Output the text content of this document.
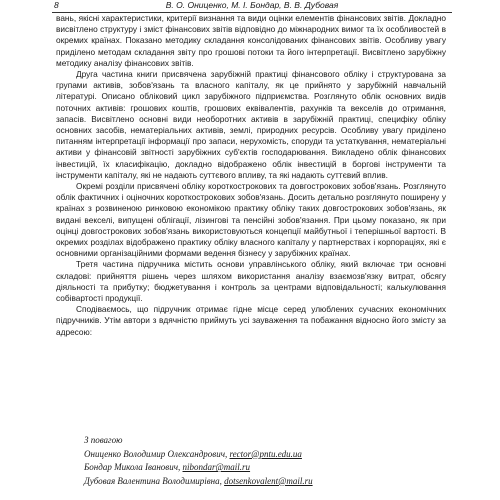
8	В. О. Ониценко, М. І. Бондар, В. В. Дубовая

вань, якісні характеристики, критерії визнання та види оцінки елементів фінансових звітів. Докладно висвітлено структуру і зміст фінансових звітів відповідно до міжнародних вимог та їх особливостей в окремих країнах. Показано методику складання консолідованих фінансових звітів. Особливу увагу приділено методам складання звіту про грошові потоки та його інтерпретації. Висвітлено зарубіжну методику аналізу фінансових звітів.

Друга частина книги присвячена зарубіжній практиці фінансового обліку і структурована за групами активів, зобов'язань та власного капіталу, як це прийнято у зарубіжній навчальній літературі. Описано обліковий цикл зарубіжного підприємства. Розглянуто облік основних видів поточних активів: грошових коштів, грошових еквівалентів, рахунків та векселів до отримання, запасів. Висвітлено основні види необоротних активів в зарубіжній практиці, специфіку обліку основних засобів, нематеріальних активів, землі, природних ресурсів. Особливу увагу приділено питанням інтерпретації інформації про запаси, нерухомість, споруди та устаткування, нематеріальні активи у фінансовій звітності зарубіжних суб'єктів господарювання. Викладено облік фінансових інвестицій, їх класифікацію, докладно відображено облік інвестицій в боргові інструменти та інструменти капіталу, які не надають суттєвого впливу, та які надають суттєвий вплив.

Окремі розділи присвячені обліку короткострокових та довгострокових зобов'язань. Розглянуто облік фактичних і оціночних короткострокових зобов'язань. Досить детально розглянуто поширену у країнах з розвиненою ринковою економікою практику обліку таких довгострокових зобов'язань, як видані векселі, випущені облігації, лізингові та пенсійні зобов'язання. При цьому показано, як при оцінці довгострокових зобов'язань використовуються концепції майбутньої і теперішньої вартості. В окремих розділах відображено практику обліку власного капіталу у партнерствах і корпораціях, які є основними організаційними формами ведення бізнесу у зарубіжних країнах.

Третя частина підручника містить основи управлінського обліку, який включає три основні складові: прийняття рішень через шляхом використання аналізу взаємозв'язку витрат, обсягу діяльності та прибутку; бюджетування і контроль за центрами відповідальності; калькулювання собівартості продукції.

Сподіваємось, що підручник отримає гідне місце серед улюблених сучасних економічних підручників. Утім автори з вдячністю приймуть усі зауваження та побажання відносно його змісту за адресою:

З повагою
Ониценко Володимир Олександрович, rector@pntu.edu.ua
Бондар Микола Іванович, nibondar@mail.ru
Дубовая Валентина Володимирівна, dotsenkovalent@mail.ru
